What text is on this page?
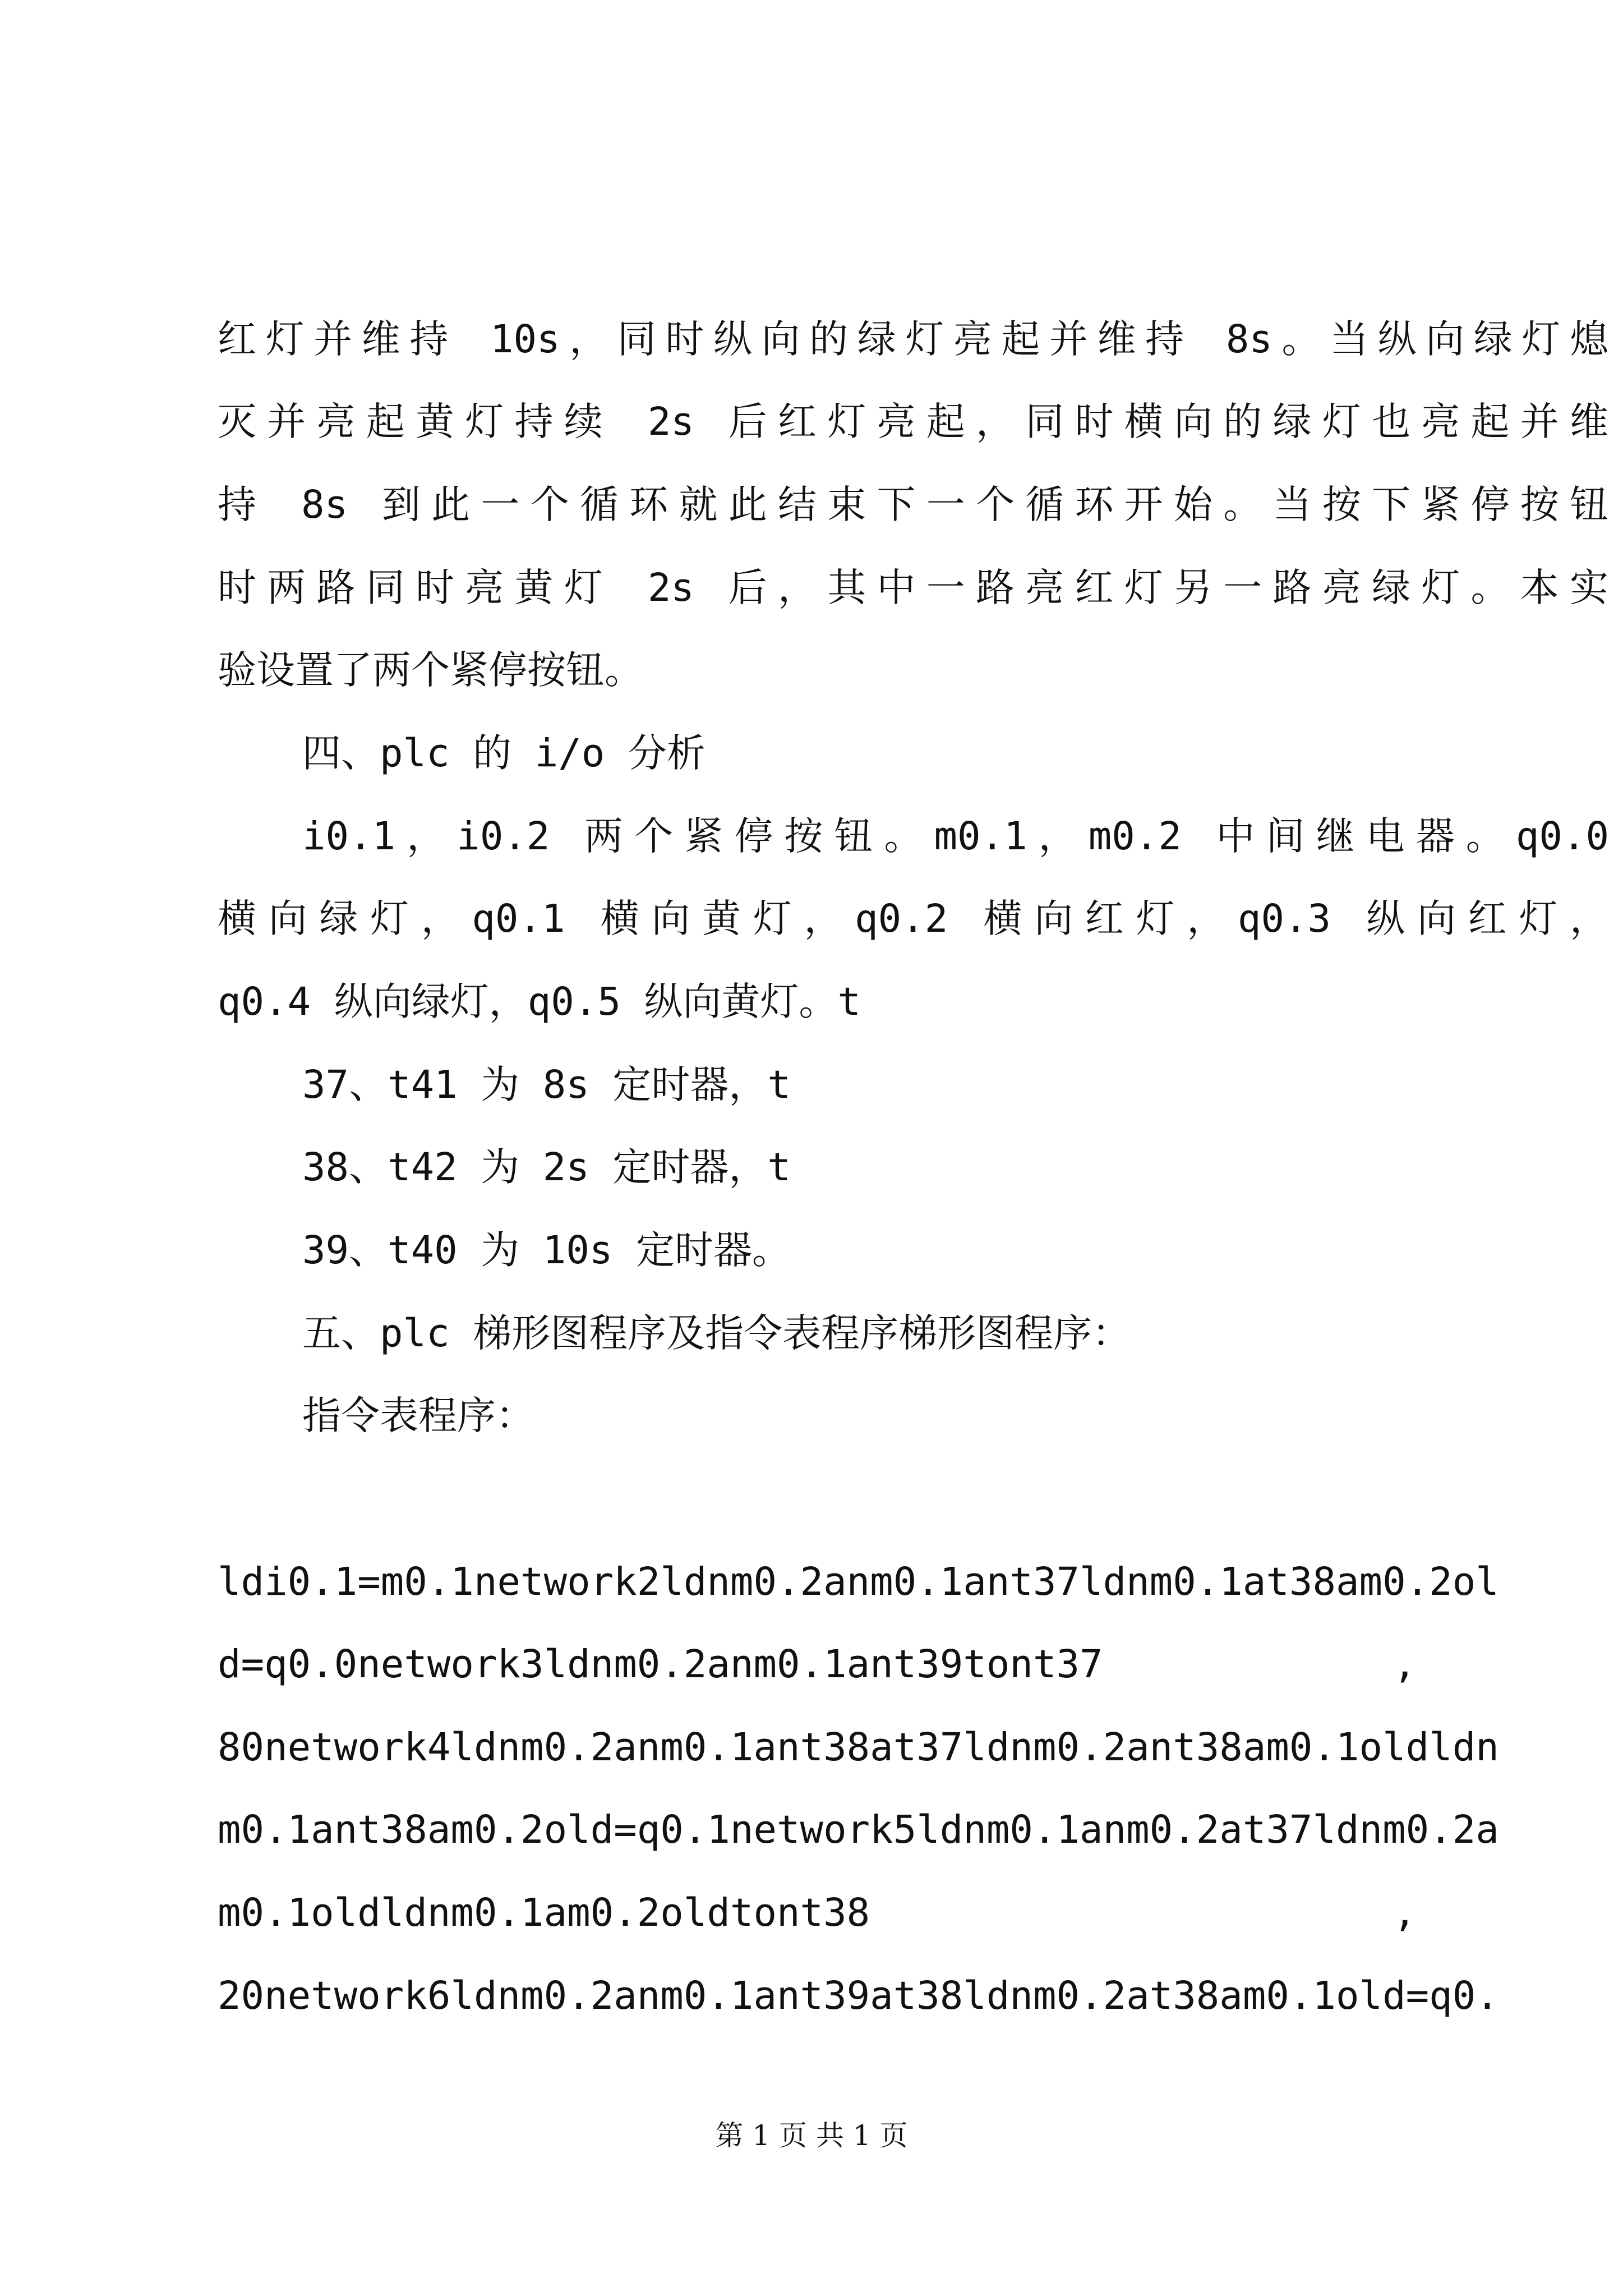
红灯并维持 10s，同时纵向的绿灯亮起并维持 8s。当纵向绿灯熄
灭并亮起黄灯持续 2s 后红灯亮起，同时横向的绿灯也亮起并维
持 8s 到此一个循环就此结束下一个循环开始。当按下紧停按钮
时两路同时亮黄灯 2s 后，其中一路亮红灯另一路亮绿灯。本实
验设置了两个紧停按钮。
四、plc 的 i/o 分析
i0.1，i0.2 两个紧停按钮。m0.1，m0.2 中间继电器。q0.0
横向绿灯，q0.1 横向黄灯，q0.2 横向红灯，q0.3 纵向红灯，
q0.4 纵向绿灯，q0.5 纵向黄灯。t
37、t41 为 8s 定时器，t
38、t42 为 2s 定时器，t
39、t40 为 10s 定时器。
五、plc 梯形图程序及指令表程序梯形图程序：
指令表程序：
ldi0.1=m0.1network2ldnm0.2anm0.1ant37ldnm0.1at38am0.2ol
d=q0.0network3ldnm0.2anm0.1ant39tont37	,
80network4ldnm0.2anm0.1ant38at37ldnm0.2ant38am0.1oldldn
m0.1ant38am0.2old=q0.1network5ldnm0.1anm0.2at37ldnm0.2a
m0.1oldldnm0.1am0.2oldtont38	,
20network6ldnm0.2anm0.1ant39at38ldnm0.2at38am0.1old=q0.
第 1 页 共 1 页
